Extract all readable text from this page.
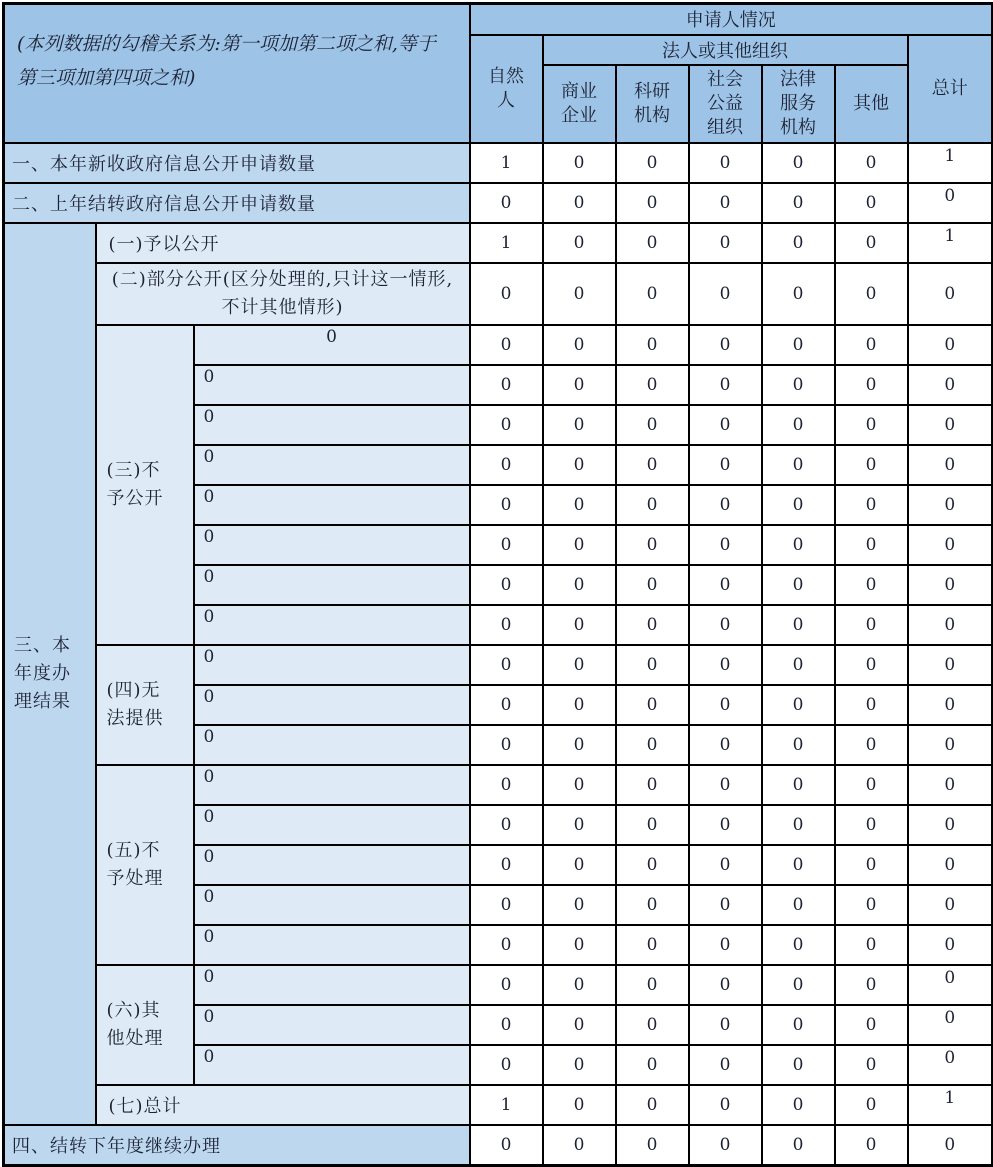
(本列数据的勾稽关系为:第一项加第二项之和,等于第三项加第四项之和)			申请人情况						
			自然人	法人或其他组织					总计
				商业企业	科研机构	社会公益组织	法律服务机构	其他	
一、本年新收政府信息公开申请数量			1	0	0	0	0	0	1
二、上年结转政府信息公开申请数量			0	0	0	0	0	0	0
三、本年度办理结果	(一)予以公开		1	0	0	0	0	0	1
	(二)部分公开(区分处理的,只计这一情形,不计其他情形)		0	0	0	0	0	0	0
	(三)不予公开	0	0	0	0	0	0	0	0
		0	0	0	0	0	0	0	0
		0	0	0	0	0	0	0	0
		0	0	0	0	0	0	0	0
		0	0	0	0	0	0	0	0
		0	0	0	0	0	0	0	0
		0	0	0	0	0	0	0	0
		0	0	0	0	0	0	0	0
	(四)无法提供	0	0	0	0	0	0	0	0
		0	0	0	0	0	0	0	0
		0	0	0	0	0	0	0	0
	(五)不予处理	0	0	0	0	0	0	0	0
		0	0	0	0	0	0	0	0
		0	0	0	0	0	0	0	0
		0	0	0	0	0	0	0	0
		0	0	0	0	0	0	0	0
	(六)其他处理	0	0	0	0	0	0	0	0
		0	0	0	0	0	0	0	0
		0	0	0	0	0	0	0	0
	(七)总计		1	0	0	0	0	0	1
四、结转下年度继续办理			0	0	0	0	0	0	0
